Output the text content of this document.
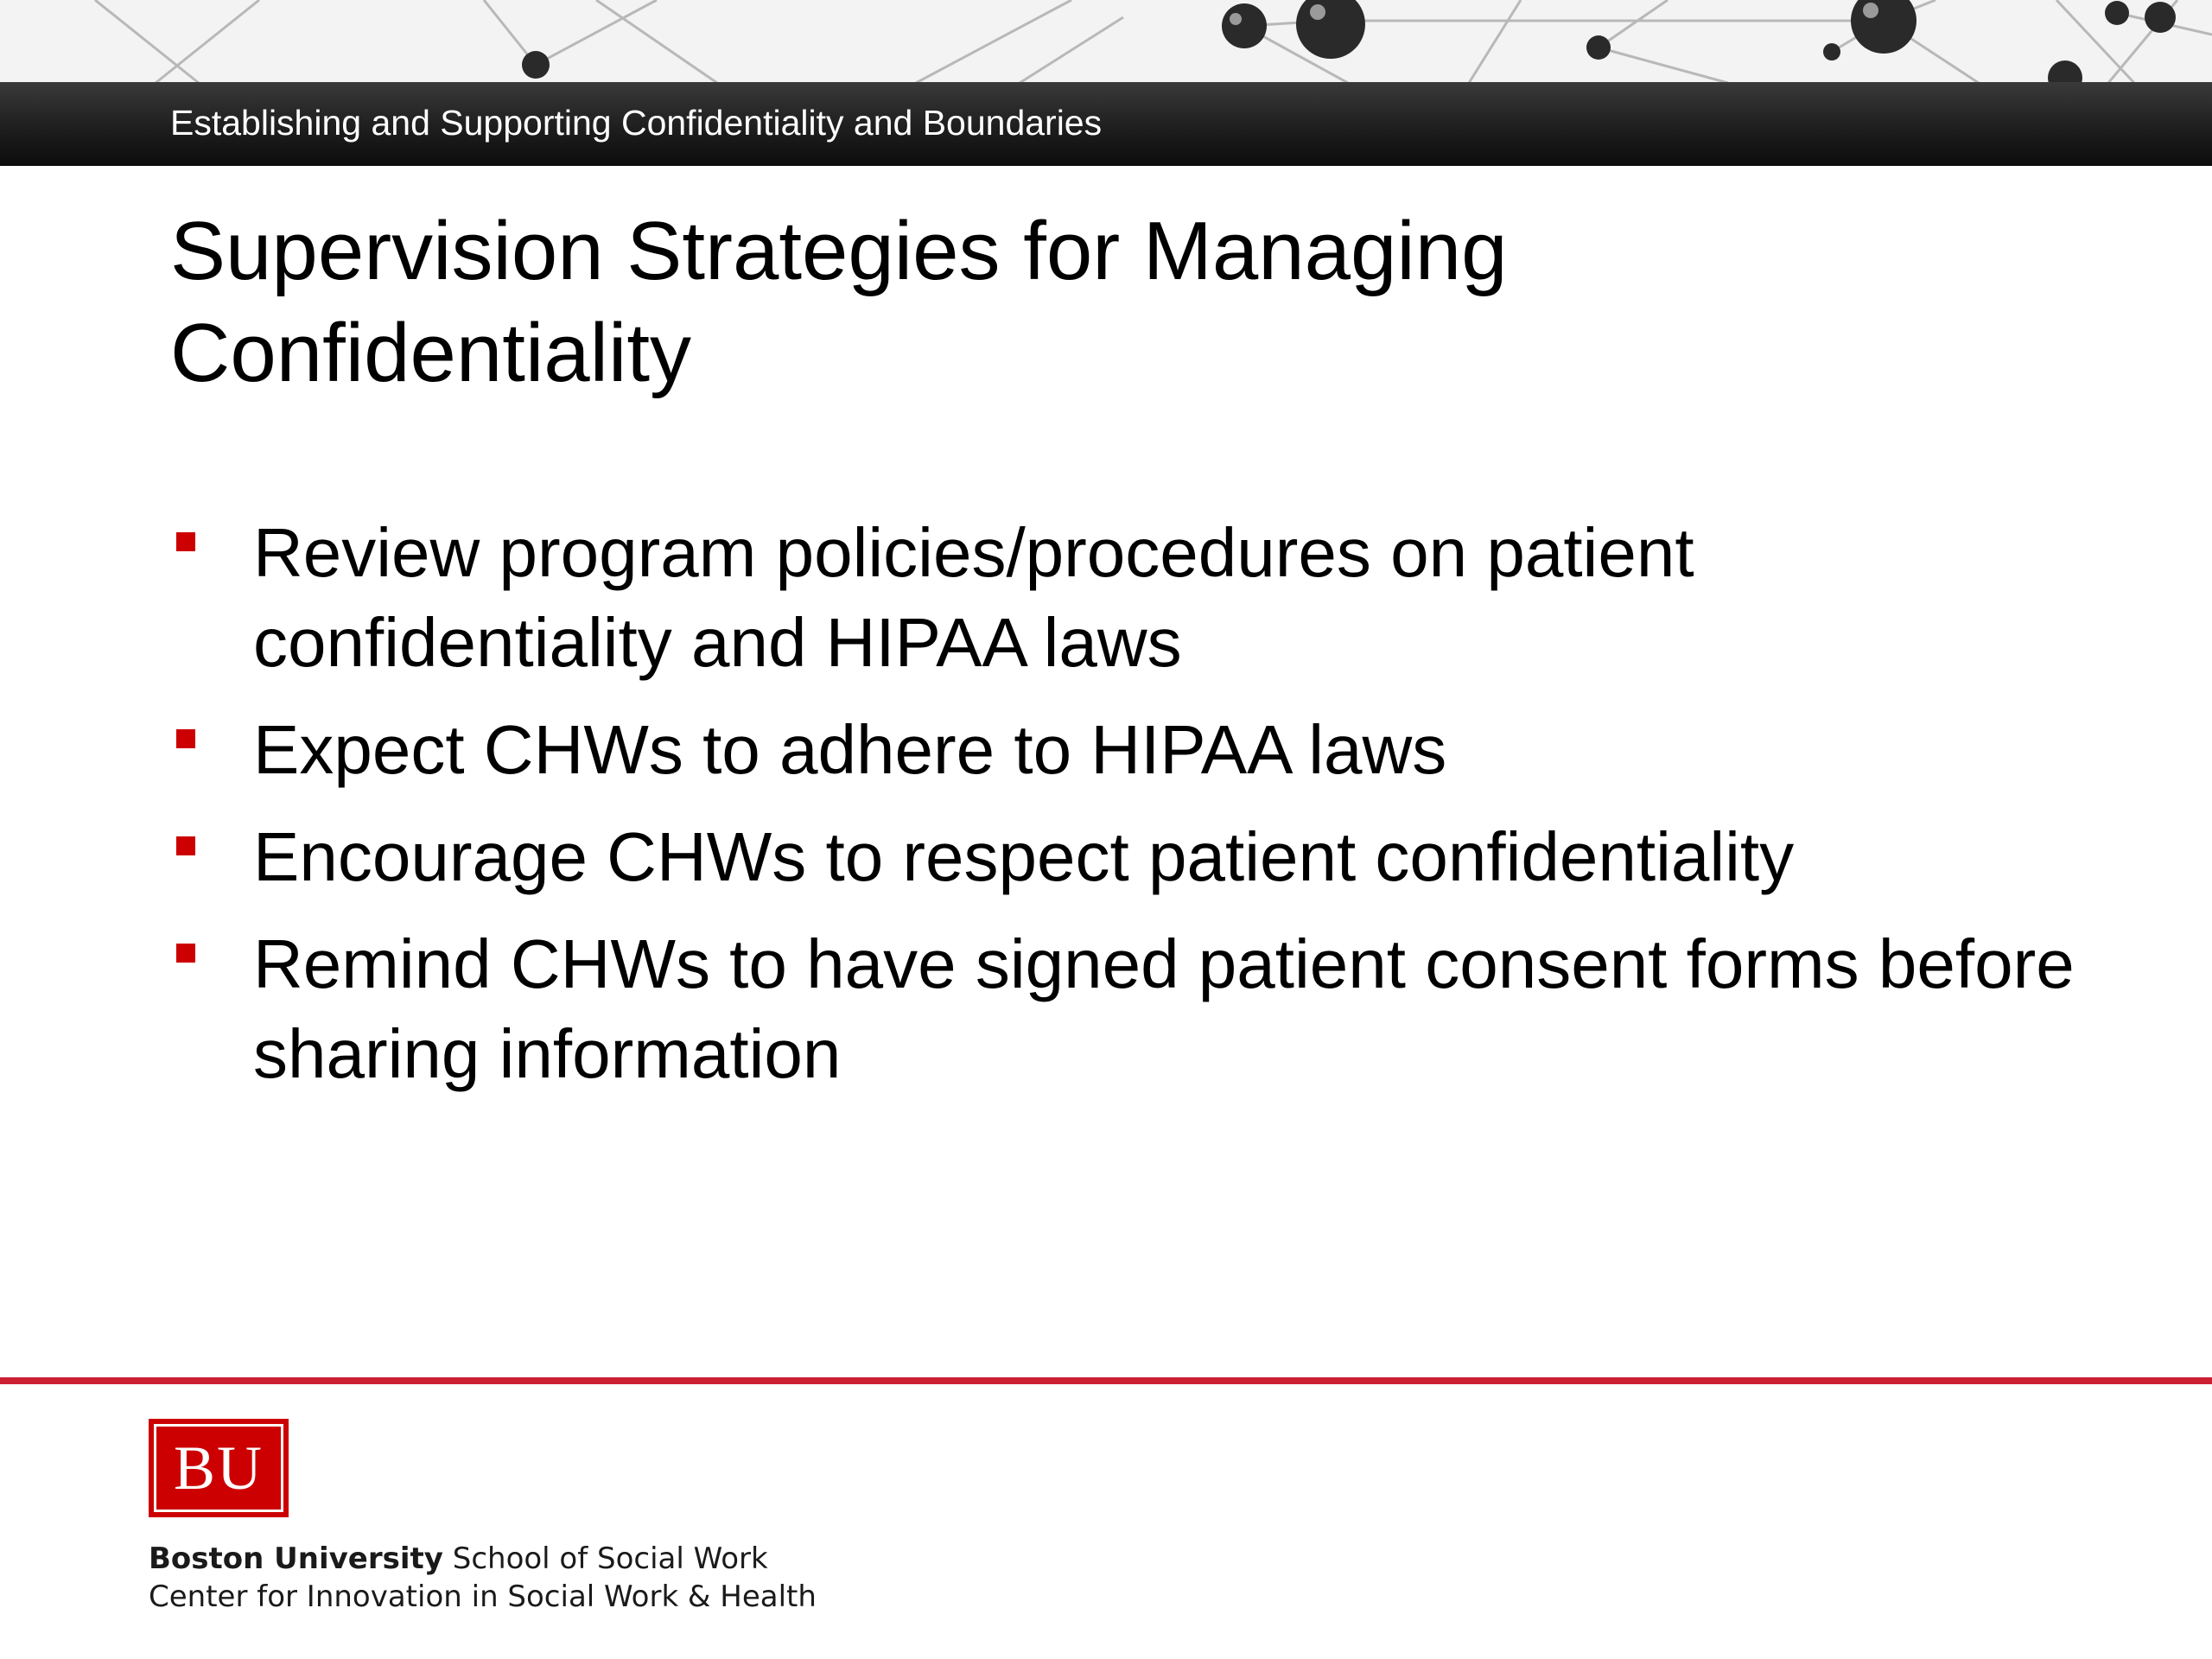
Establishing and Supporting Confidentiality and Boundaries
Supervision Strategies for Managing Confidentiality
Review program policies/procedures on patient confidentiality and HIPAA laws
Expect CHWs to adhere to HIPAA laws
Encourage CHWs to respect patient confidentiality
Remind CHWs to have signed patient consent forms before sharing information
BU
Boston University School of Social Work
Center for Innovation in Social Work & Health
